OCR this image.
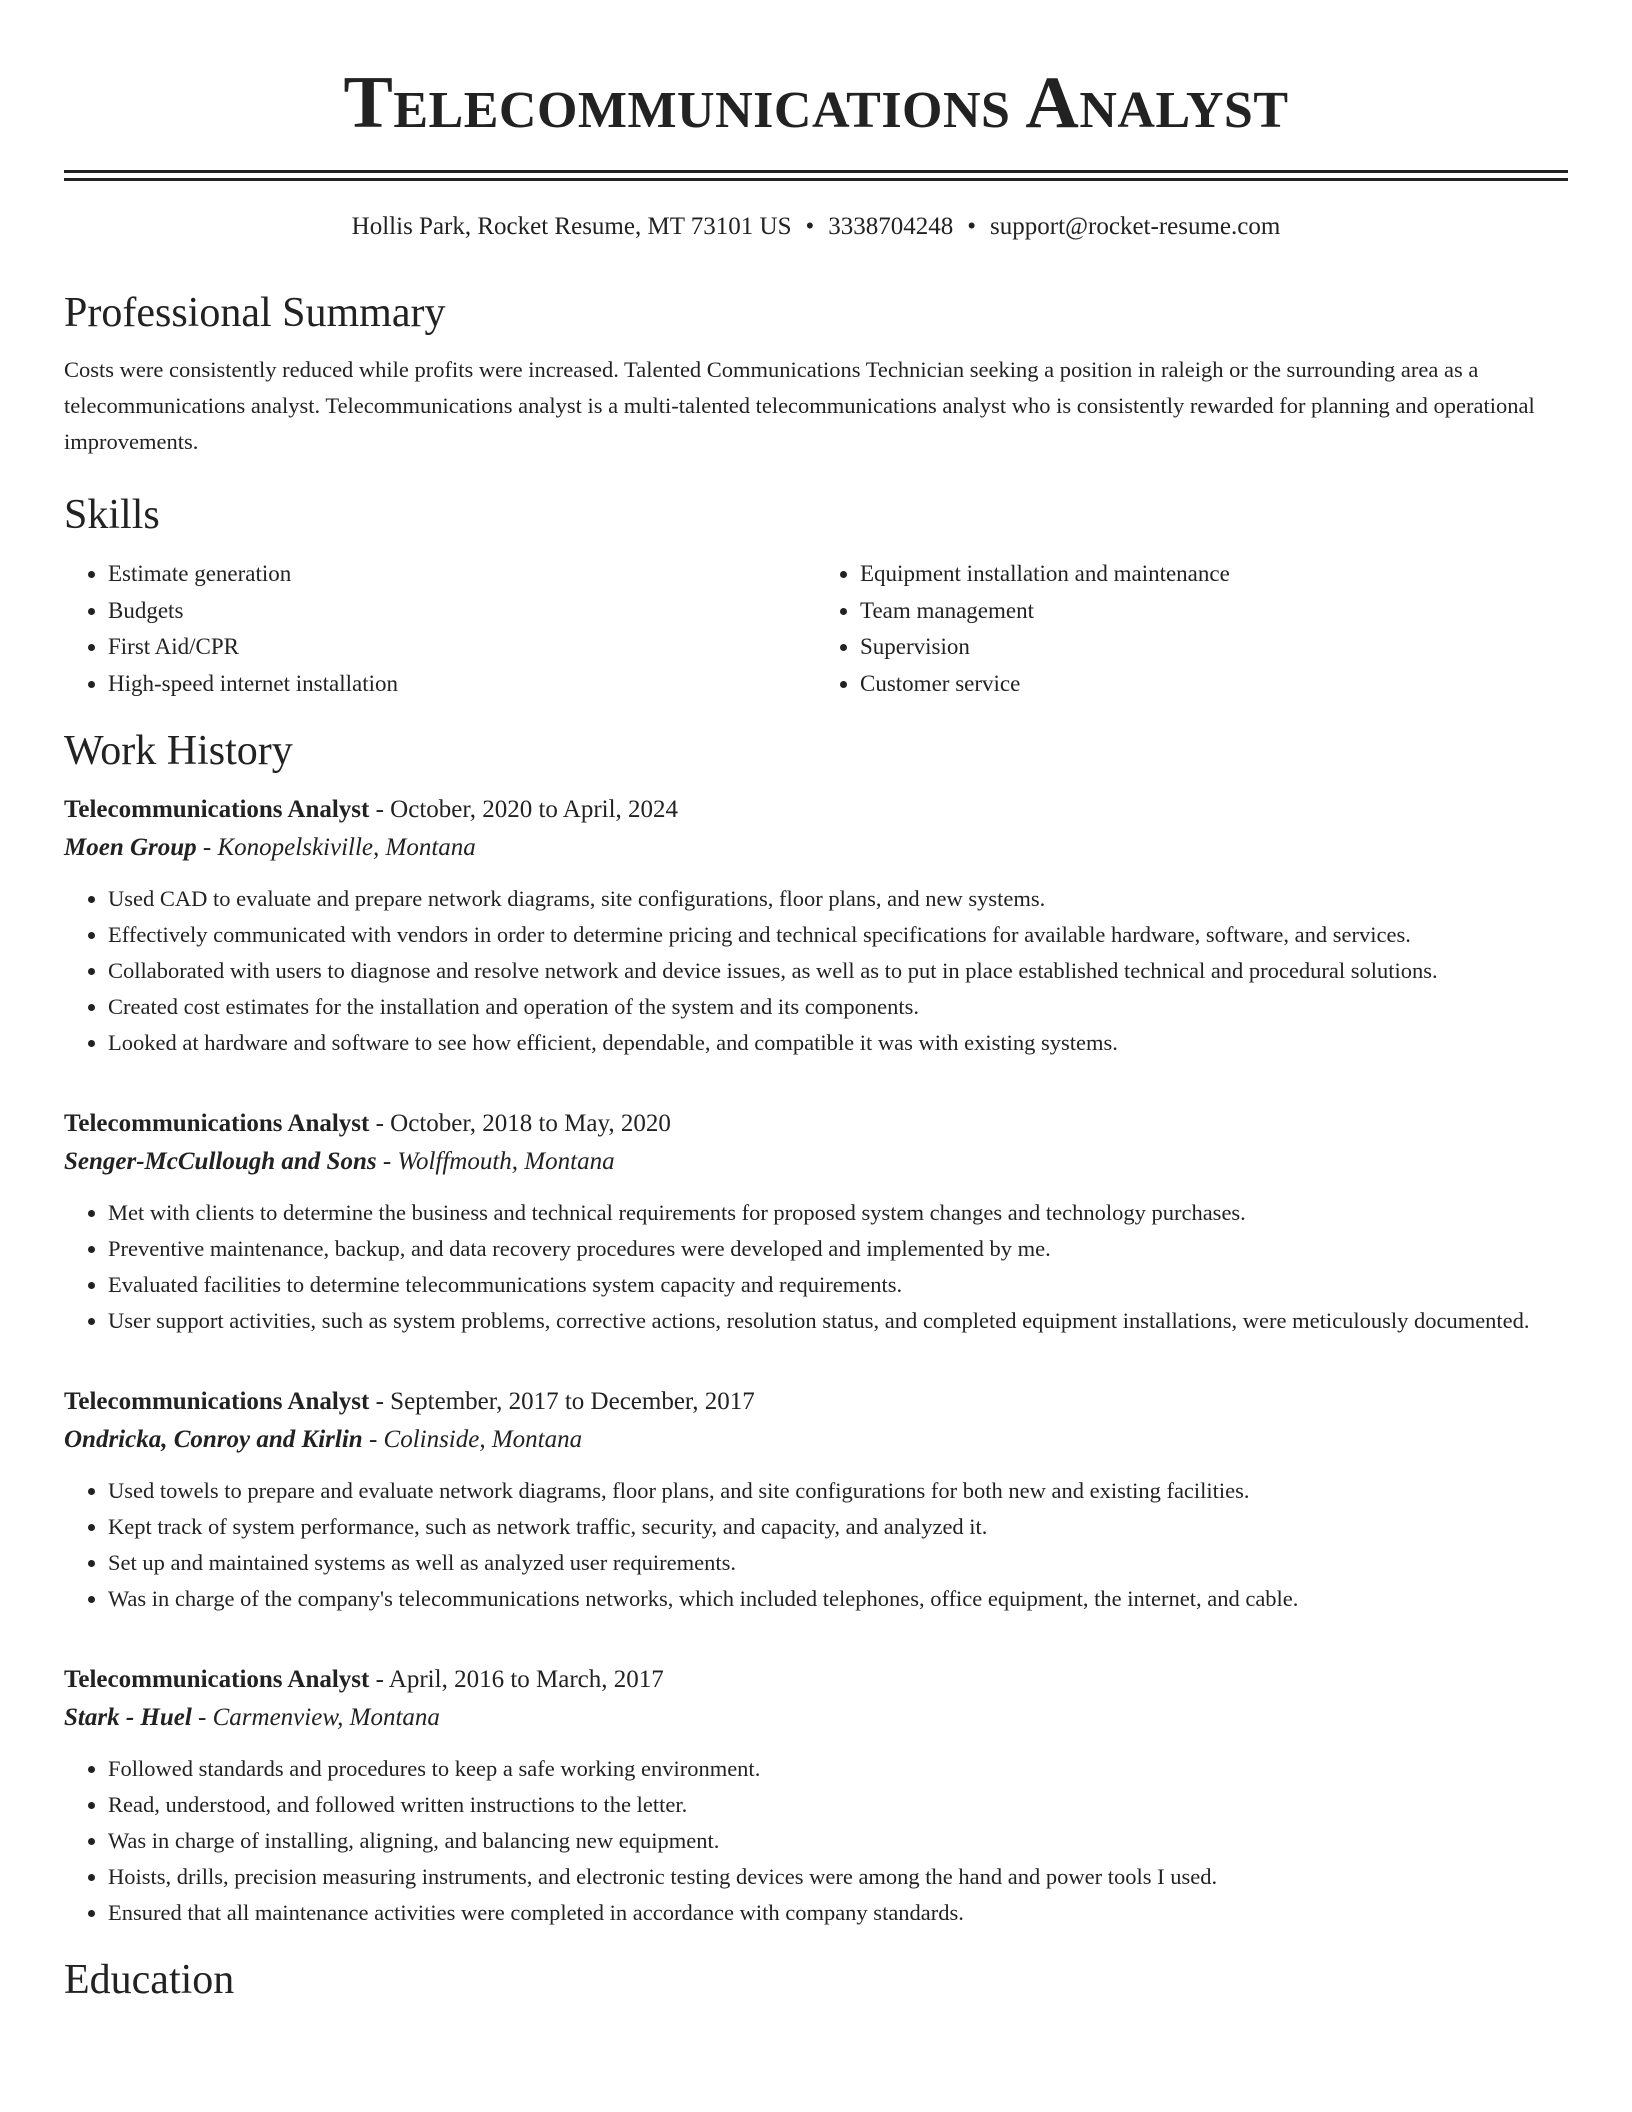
Telecommunications Analyst
Hollis Park, Rocket Resume, MT 73101 US • 3338704248 • support@rocket-resume.com
Professional Summary

Costs were consistently reduced while profits were increased. Talented Communications Technician seeking a position in raleigh or the surrounding area as a telecommunications analyst. Telecommunications analyst is a multi-talented telecommunications analyst who is consistently rewarded for planning and operational improvements.

Skills
• Estimate generation
• Budgets
• First Aid/CPR
• High-speed internet installation
• Equipment installation and maintenance
• Team management
• Supervision
• Customer service
Work History

Telecommunications Analyst - October, 2020 to April, 2024

Moen Group - Konopelskiville, Montana

• Used CAD to evaluate and prepare network diagrams, site configurations, floor plans, and new systems.
• Effectively communicated with vendors in order to determine pricing and technical specifications for available hardware, software, and services.
• Collaborated with users to diagnose and resolve network and device issues, as well as to put in place established technical and procedural solutions.
• Created cost estimates for the installation and operation of the system and its components.
• Looked at hardware and software to see how efficient, dependable, and compatible it was with existing systems.

Telecommunications Analyst - October, 2018 to May, 2020

Senger-McCullough and Sons - Wolffmouth, Montana

• Met with clients to determine the business and technical requirements for proposed system changes and technology purchases.
• Preventive maintenance, backup, and data recovery procedures were developed and implemented by me.
• Evaluated facilities to determine telecommunications system capacity and requirements.
• User support activities, such as system problems, corrective actions, resolution status, and completed equipment installations, were meticulously documented.

Telecommunications Analyst - September, 2017 to December, 2017

Ondricka, Conroy and Kirlin - Colinside, Montana

• Used towels to prepare and evaluate network diagrams, floor plans, and site configurations for both new and existing facilities.
• Kept track of system performance, such as network traffic, security, and capacity, and analyzed it.
• Set up and maintained systems as well as analyzed user requirements.
• Was in charge of the company's telecommunications networks, which included telephones, office equipment, the internet, and cable.

Telecommunications Analyst - April, 2016 to March, 2017

Stark - Huel - Carmenview, Montana

• Followed standards and procedures to keep a safe working environment.
• Read, understood, and followed written instructions to the letter.
• Was in charge of installing, aligning, and balancing new equipment.
• Hoists, drills, precision measuring instruments, and electronic testing devices were among the hand and power tools I used.
• Ensured that all maintenance activities were completed in accordance with company standards.
Education
